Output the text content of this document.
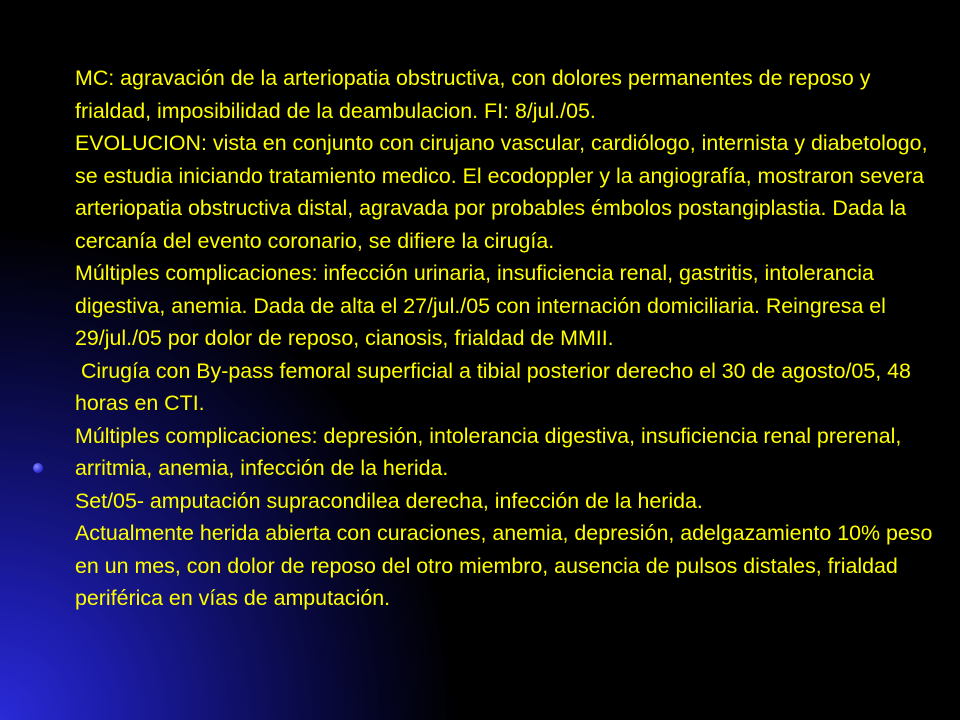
MC: agravación de la arteriopatia obstructiva, con dolores permanentes de reposo y frialdad, imposibilidad de la deambulacion. FI: 8/jul./05.

EVOLUCION: vista en conjunto con cirujano vascular, cardiólogo, internista y diabetologo, se estudia iniciando tratamiento medico. El ecodoppler y la angiografía, mostraron severa arteriopatia obstructiva distal, agravada por probables émbolos postangiplastia. Dada la cercanía del evento coronario, se difiere la cirugía.

Múltiples complicaciones: infección urinaria, insuficiencia renal, gastritis, intolerancia digestiva, anemia. Dada de alta el 27/jul./05 con internación domiciliaria. Reingresa el 29/jul./05 por dolor de reposo, cianosis, frialdad de MMII.

Cirugía con By-pass femoral superficial a tibial posterior derecho el 30 de agosto/05, 48 horas en CTI.

Múltiples complicaciones: depresión, intolerancia digestiva, insuficiencia renal prerenal, arritmia, anemia, infección de la herida.

Set/05- amputación supracondilea derecha, infección de la herida.

Actualmente herida abierta con curaciones, anemia, depresión, adelgazamiento 10% peso en un mes, con dolor de reposo del otro miembro, ausencia de pulsos distales, frialdad periférica en vías de amputación.
